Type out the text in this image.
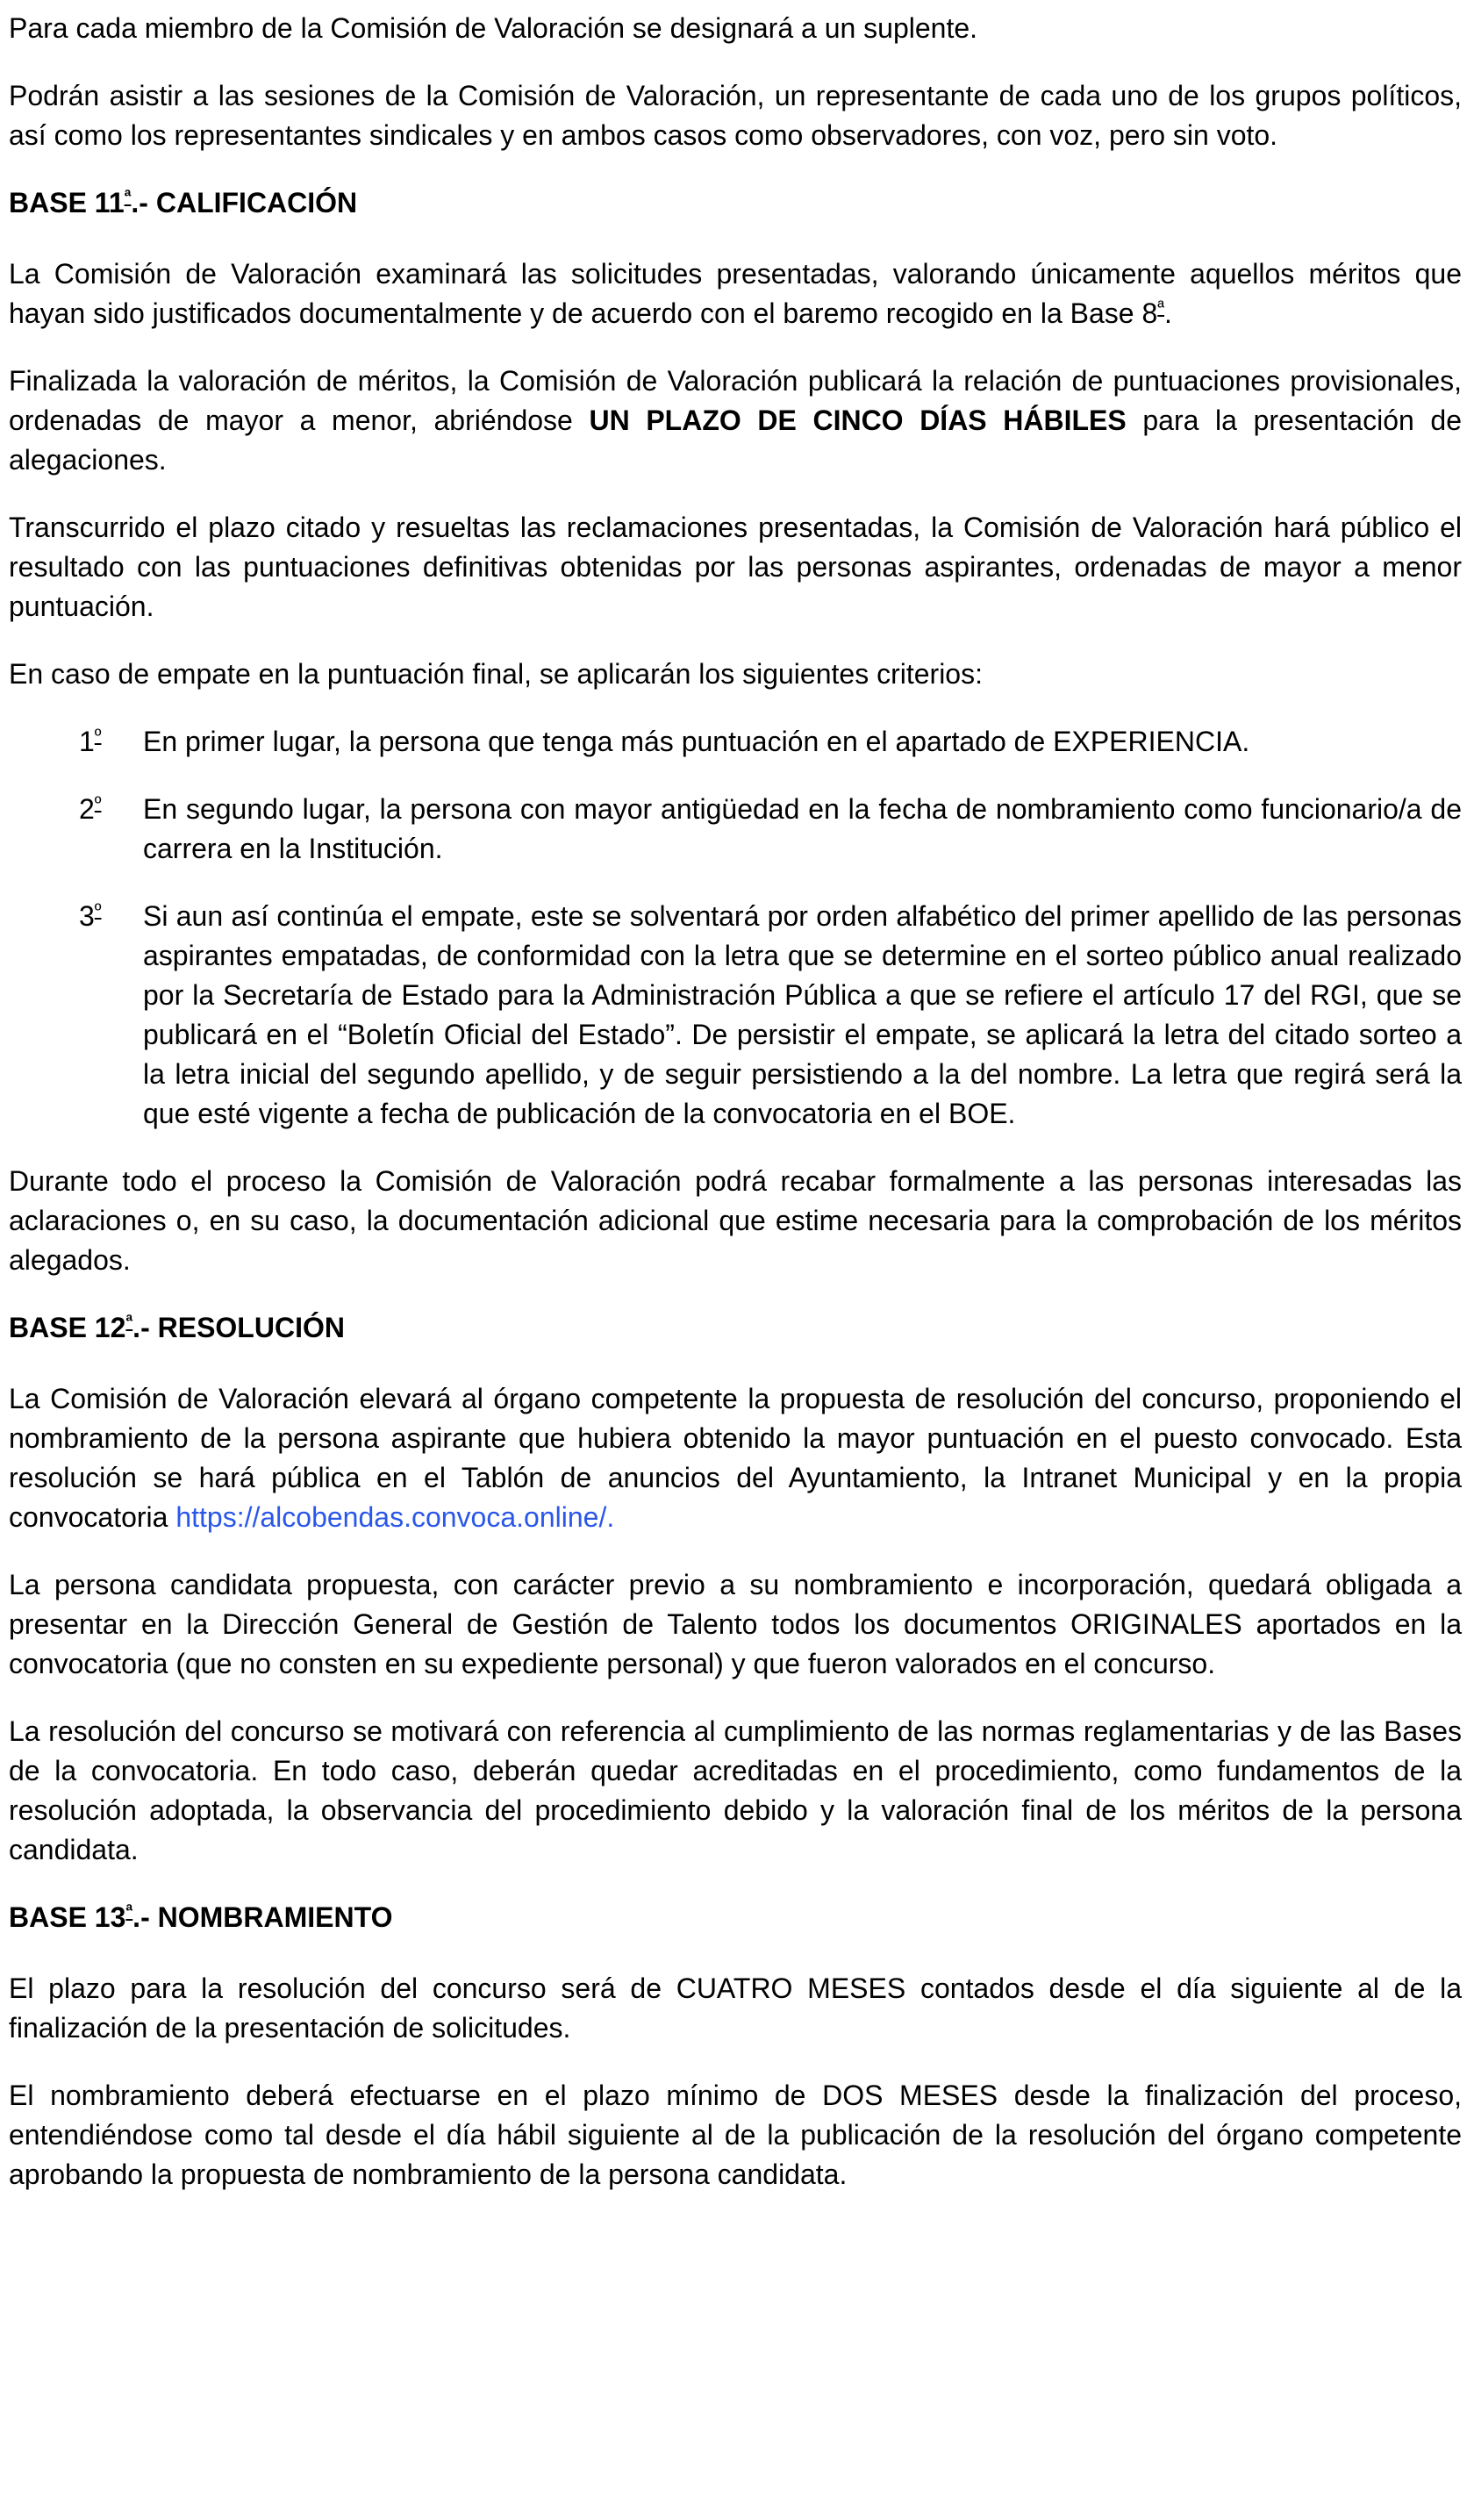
Para cada miembro de la Comisión de Valoración se designará a un suplente.

Podrán asistir a las sesiones de la Comisión de Valoración, un representante de cada uno de los grupos políticos, así como los representantes sindicales y en ambos casos como observadores, con voz, pero sin voto.

BASE 11ª.- CALIFICACIÓN

La Comisión de Valoración examinará las solicitudes presentadas, valorando únicamente aquellos méritos que hayan sido justificados documentalmente y de acuerdo con el baremo recogido en la Base 8ª.

Finalizada la valoración de méritos, la Comisión de Valoración publicará la relación de puntuaciones provisionales, ordenadas de mayor a menor, abriéndose UN PLAZO DE CINCO DÍAS HÁBILES para la presentación de alegaciones.

Transcurrido el plazo citado y resueltas las reclamaciones presentadas, la Comisión de Valoración hará público el resultado con las puntuaciones definitivas obtenidas por las personas aspirantes, ordenadas de mayor a menor puntuación.

En caso de empate en la puntuación final, se aplicarán los siguientes criterios:

1º En primer lugar, la persona que tenga más puntuación en el apartado de EXPERIENCIA.
2º En segundo lugar, la persona con mayor antigüedad en la fecha de nombramiento como funcionario/a de carrera en la Institución.
3º Si aun así continúa el empate, este se solventará por orden alfabético del primer apellido de las personas aspirantes empatadas, de conformidad con la letra que se determine en el sorteo público anual realizado por la Secretaría de Estado para la Administración Pública a que se refiere el artículo 17 del RGI, que se publicará en el “Boletín Oficial del Estado”. De persistir el empate, se aplicará la letra del citado sorteo a la letra inicial del segundo apellido, y de seguir persistiendo a la del nombre. La letra que regirá será la que esté vigente a fecha de publicación de la convocatoria en el BOE.

Durante todo el proceso la Comisión de Valoración podrá recabar formalmente a las personas interesadas las aclaraciones o, en su caso, la documentación adicional que estime necesaria para la comprobación de los méritos alegados.

BASE 12ª.- RESOLUCIÓN

La Comisión de Valoración elevará al órgano competente la propuesta de resolución del concurso, proponiendo el nombramiento de la persona aspirante que hubiera obtenido la mayor puntuación en el puesto convocado. Esta resolución se hará pública en el Tablón de anuncios del Ayuntamiento, la Intranet Municipal y en la propia convocatoria https://alcobendas.convoca.online/.

La persona candidata propuesta, con carácter previo a su nombramiento e incorporación, quedará obligada a presentar en la Dirección General de Gestión de Talento todos los documentos ORIGINALES aportados en la convocatoria (que no consten en su expediente personal) y que fueron valorados en el concurso.

La resolución del concurso se motivará con referencia al cumplimiento de las normas reglamentarias y de las Bases de la convocatoria. En todo caso, deberán quedar acreditadas en el procedimiento, como fundamentos de la resolución adoptada, la observancia del procedimiento debido y la valoración final de los méritos de la persona candidata.

BASE 13ª.- NOMBRAMIENTO

El plazo para la resolución del concurso será de CUATRO MESES contados desde el día siguiente al de la finalización de la presentación de solicitudes.

El nombramiento deberá efectuarse en el plazo mínimo de DOS MESES desde la finalización del proceso, entendiéndose como tal desde el día hábil siguiente al de la publicación de la resolución del órgano competente aprobando la propuesta de nombramiento de la persona candidata.
